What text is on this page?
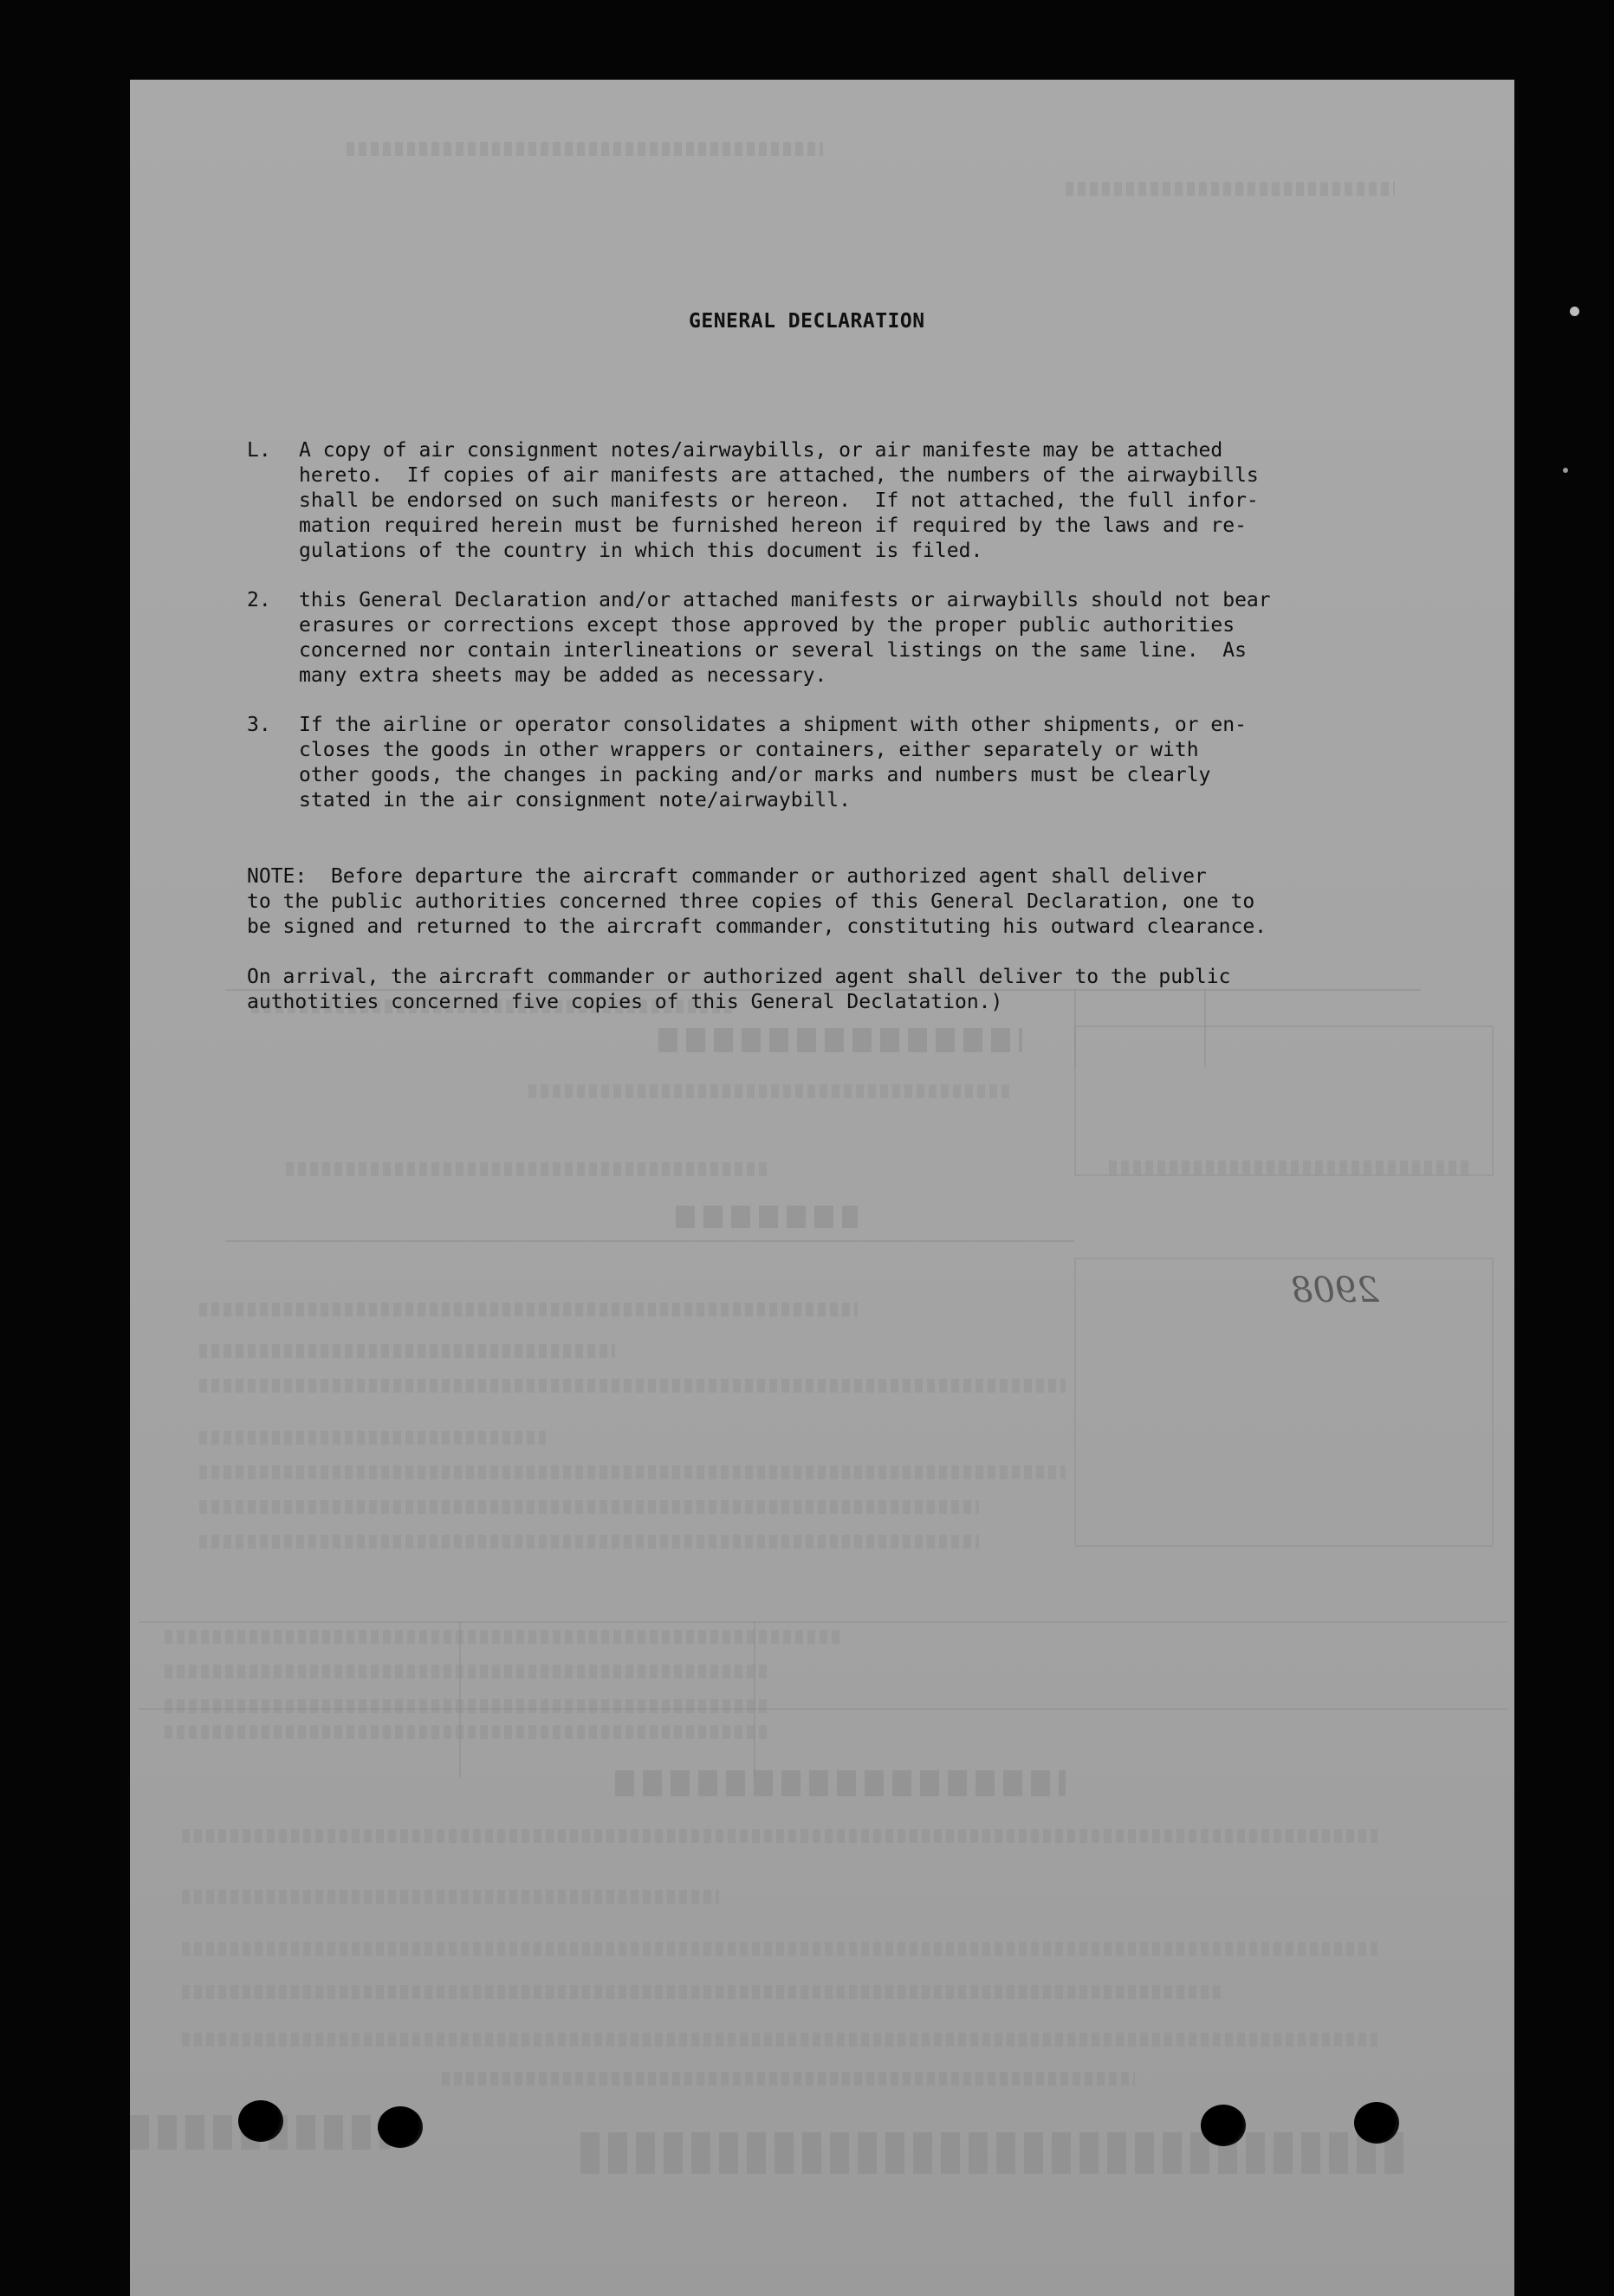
2908
GENERAL DECLARATION
L. A copy of air consignment notes/airwaybills, or air manifeste may be attached
hereto.  If copies of air manifests are attached, the numbers of the airwaybills
shall be endorsed on such manifests or hereon.  If not attached, the full infor-
mation required herein must be furnished hereon if required by the laws and re-
gulations of the country in which this document is filed.
2. this General Declaration and/or attached manifests or airwaybills should not bear
erasures or corrections except those approved by the proper public authorities
concerned nor contain interlineations or several listings on the same line.  As
many extra sheets may be added as necessary.
3. If the airline or operator consolidates a shipment with other shipments, or en-
closes the goods in other wrappers or containers, either separately or with
other goods, the changes in packing and/or marks and numbers must be clearly
stated in the air consignment note/airwaybill.
NOTE:  Before departure the aircraft commander or authorized agent shall deliver
to the public authorities concerned three copies of this General Declaration, one to
be signed and returned to the aircraft commander, constituting his outward clearance.
On arrival, the aircraft commander or authorized agent shall deliver to the public
authotities concerned five copies of this General Declatation.)
